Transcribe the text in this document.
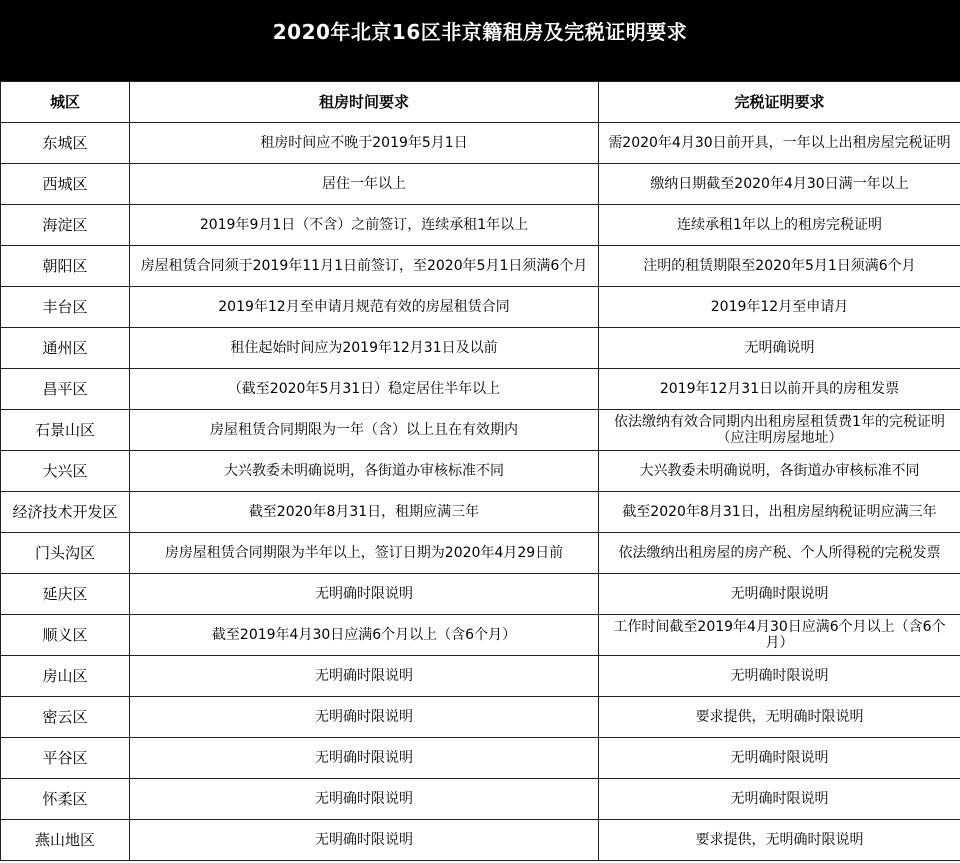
2020年北京16区非京籍租房及完税证明要求
城区	租房时间要求	完税证明要求
东城区	租房时间应不晚于2019年5月1日	需2020年4月30日前开具，一年以上出租房屋完税证明
西城区	居住一年以上	缴纳日期截至2020年4月30日满一年以上
海淀区	2019年9月1日（不含）之前签订，连续承租1年以上	连续承租1年以上的租房完税证明
朝阳区	房屋租赁合同须于2019年11月1日前签订，至2020年5月1日须满6个月	注明的租赁期限至2020年5月1日须满6个月
丰台区	2019年12月至申请月规范有效的房屋租赁合同	2019年12月至申请月
通州区	租住起始时间应为2019年12月31日及以前	无明确说明
昌平区	（截至2020年5月31日）稳定居住半年以上	2019年12月31日以前开具的房租发票
石景山区	房屋租赁合同期限为一年（含）以上且在有效期内	依法缴纳有效合同期内出租房屋租赁费1年的完税证明（应注明房屋地址）
大兴区	大兴教委未明确说明，各街道办审核标准不同	大兴教委未明确说明，各街道办审核标准不同
经济技术开发区	截至2020年8月31日，租期应满三年	截至2020年8月31日，出租房屋纳税证明应满三年
门头沟区	房房屋租赁合同期限为半年以上，签订日期为2020年4月29日前	依法缴纳出租房屋的房产税、个人所得税的完税发票
延庆区	无明确时限说明	无明确时限说明
顺义区	截至2019年4月30日应满6个月以上（含6个月）	工作时间截至2019年4月30日应满6个月以上（含6个月）
房山区	无明确时限说明	无明确时限说明
密云区	无明确时限说明	要求提供，无明确时限说明
平谷区	无明确时限说明	无明确时限说明
怀柔区	无明确时限说明	无明确时限说明
燕山地区	无明确时限说明	要求提供，无明确时限说明
